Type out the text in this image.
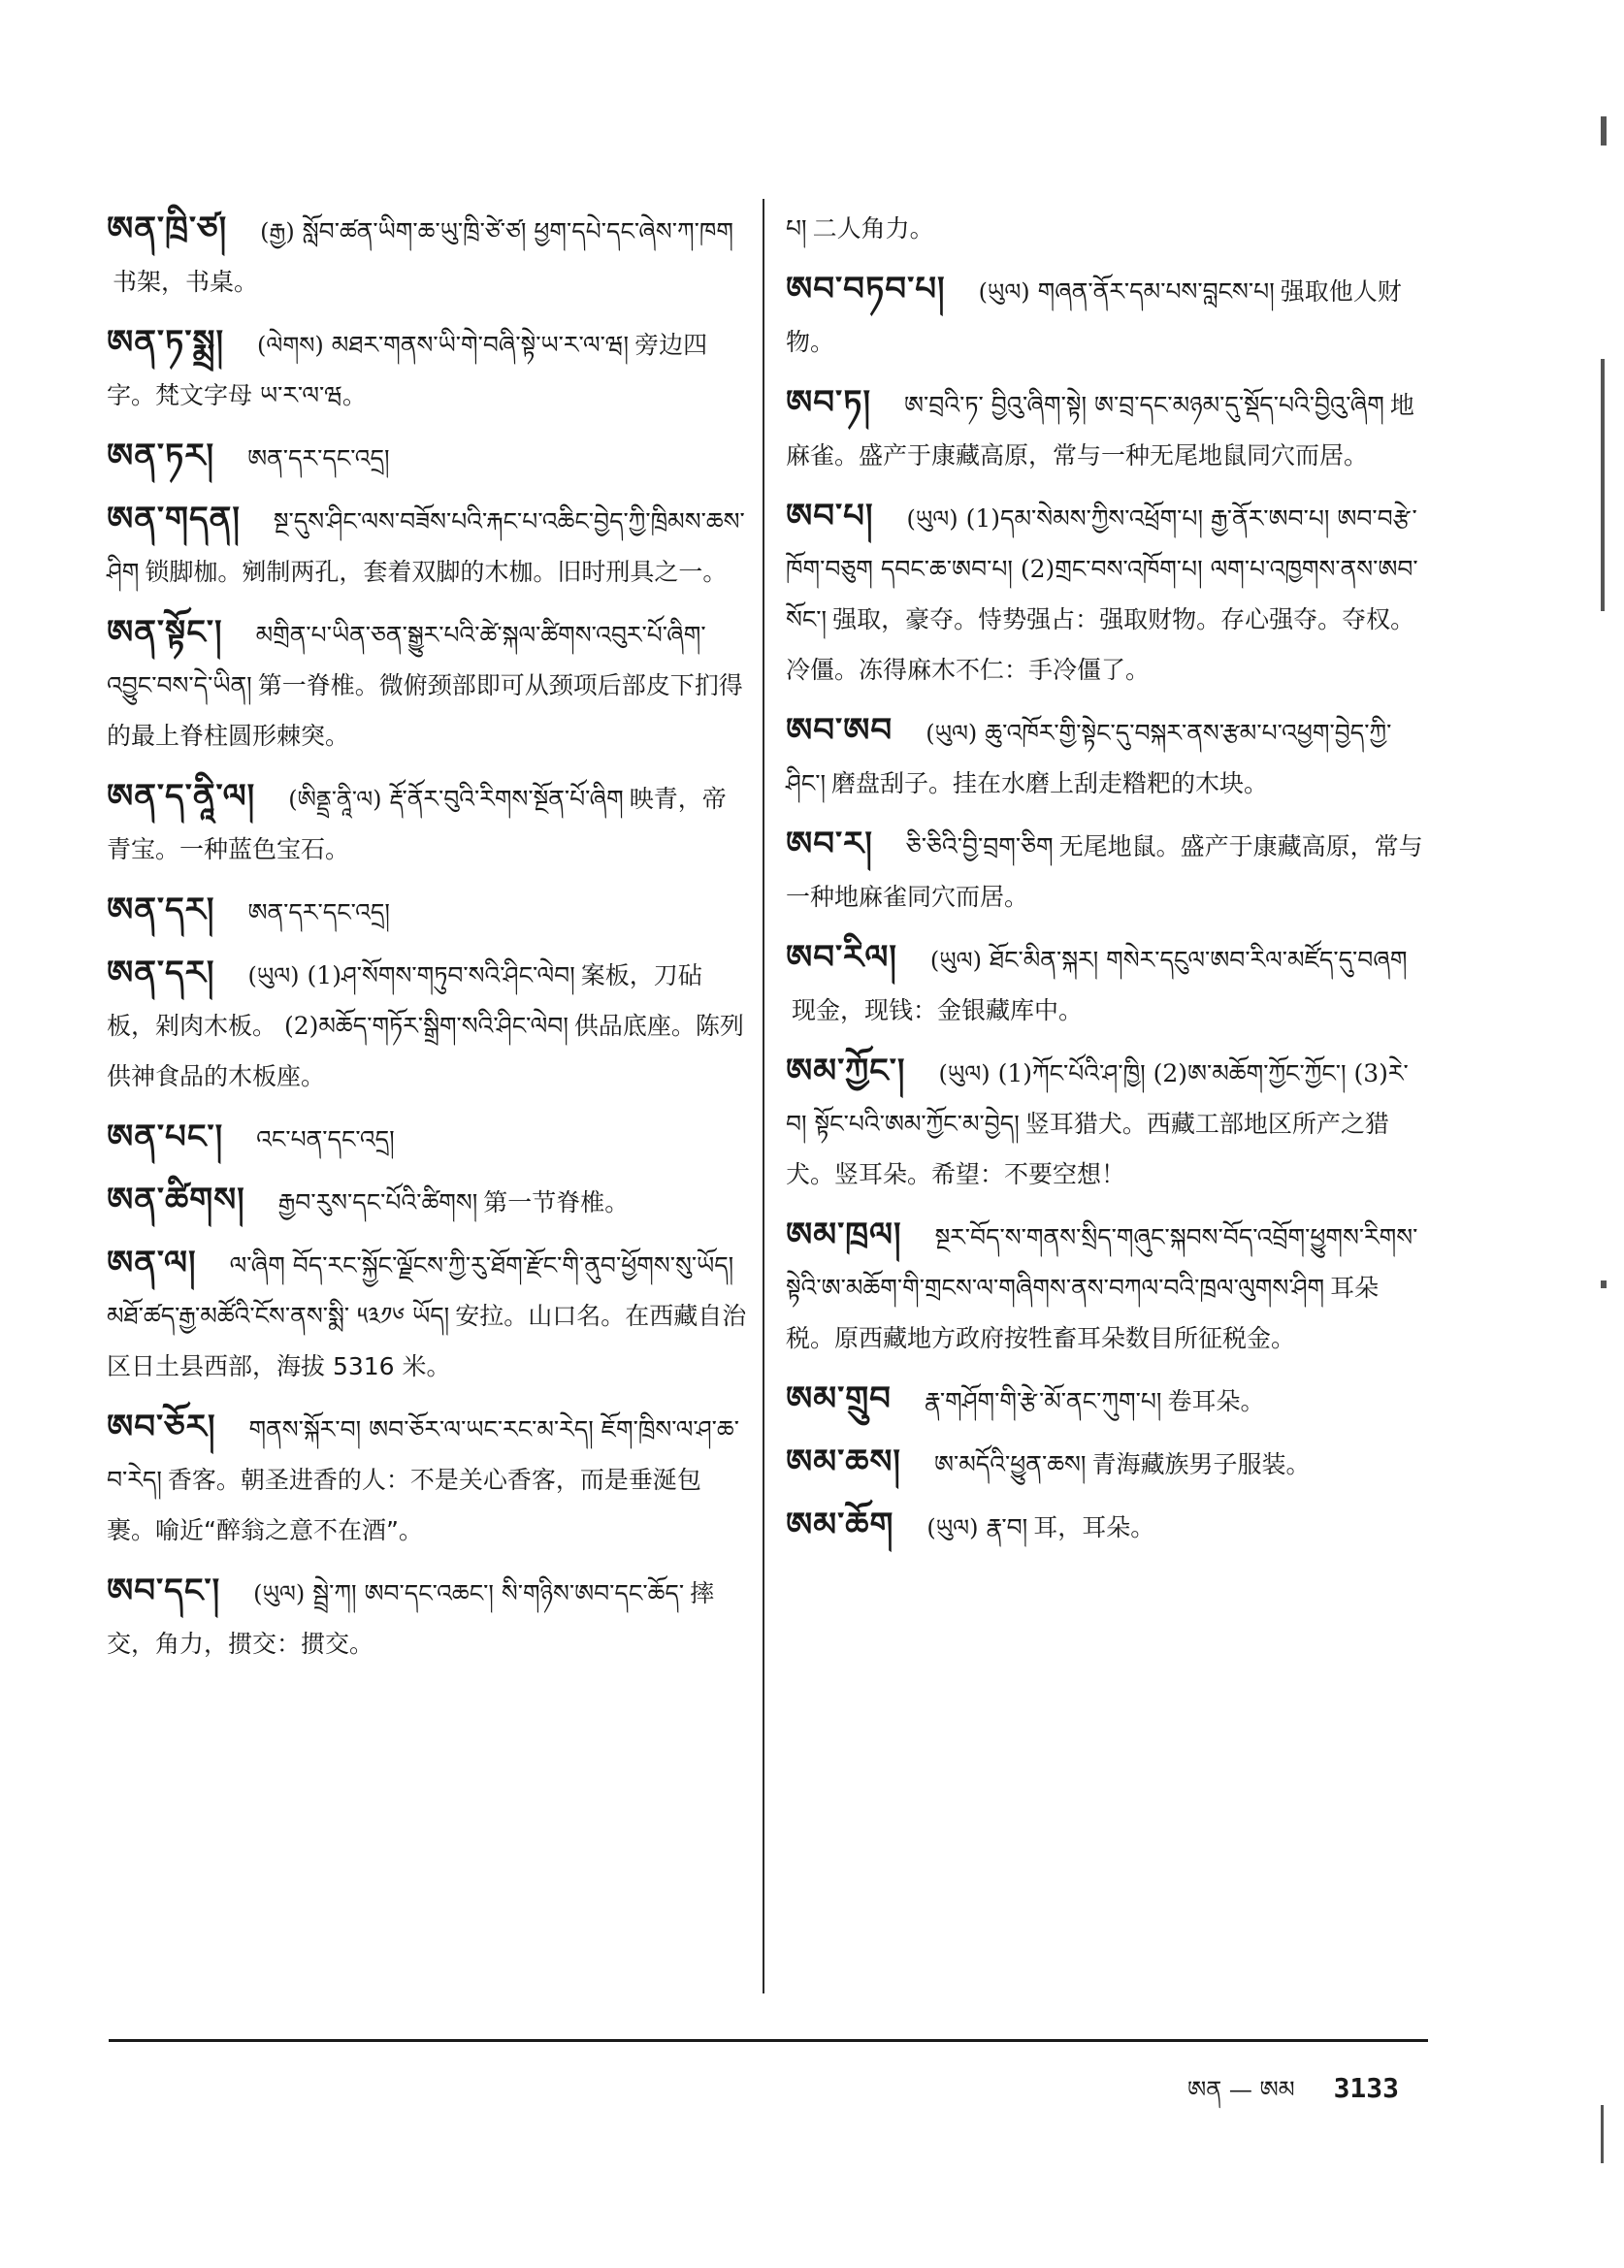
ཨན་ཁྲི་ཙ། (རྒྱ) སློབ་ཚན་ཡིག་ཆ་ཡུ་ཁྲི་ཙེ་ཙ། ཕྱག་དཔེ་དང་ཞེས་ཀ་ཁག书架，书桌。
ཨན་ཏ་སྨྲ། (ལེགས) མཐར་གནས་ཡི་གེ་བཞི་སྟེ་ཡ་ར་ལ་ཝ། 旁边四字。梵文字母 ཡ་ར་ལ་ཝ。
ཨན་ཏར། ཨན་དར་དང་འདྲ།
ཨན་གདན། སྔ་དུས་ཤིང་ལས་བཟོས་པའི་རྐང་པ་འཆིང་བྱེད་ཀྱི་ཁྲིམས་ཆས་ཤིག 锁脚枷。剜制两孔，套着双脚的木枷。旧时刑具之一。
ཨན་སྟོང་། མགྲིན་པ་ཡིན་ཅན་སྒྱུར་པའི་ཚེ་སྐལ་ཚིགས་འབུར་པོ་ཞིག་འབྱུང་བས་དེ་ཡིན། 第一脊椎。微俯颈部即可从颈项后部皮下扪得的最上脊柱圆形棘突。
ཨན་ད་ནཱི་ལ། (ཨིནྡྲ་ནཱི་ལ) རྡོ་ནོར་བུའི་རིགས་སྔོན་པོ་ཞིག 映青，帝青宝。一种蓝色宝石。
ཨན་དར། ཨན་དར་དང་འདྲ།
ཨན་དར། (ཡུལ) (1)ཤ་སོགས་གཏུབ་སའི་ཤིང་ལེབ། 案板，刀砧板，剁肉木板。 (2)མཆོད་གཏོར་སྒྲིག་སའི་ཤིང་ལེབ། 供品底座。陈列供神食品的木板座。
ཨན་པང་། འང་པན་དང་འདྲ།
ཨན་ཚིགས། རྒྱབ་རུས་དང་པོའི་ཚིགས། 第一节脊椎。
ཨན་ལ། ལ་ཞིག བོད་རང་སྐྱོང་ལྗོངས་ཀྱི་རུ་ཐོག་རྫོང་གི་ནུབ་ཕྱོགས་སུ་ཡོད། མཐོ་ཚད་རྒྱ་མཚོའི་ངོས་ནས་སྨི་ ༥༣༡༦ ཡོད། 安拉。山口名。在西藏自治区日土县西部，海拔 5316 米。
ཨབ་ཅོར། གནས་སྐོར་བ། ཨབ་ཅོར་ལ་ཡང་རང་མ་རེད། ཇོག་ཁྲིས་ལ་ཤ་ཆ་བ་རེད། 香客。朝圣进香的人：不是关心香客，而是垂涎包裹。喻近“醉翁之意不在酒”。
ཨབ་དང་། (ཡུལ) སྦྲེ་ཀ། ཨབ་དང་འཆང་། སི་གཉིས་ཨབ་དང་ཆོད་ 摔交，角力，掼交：掼交。
པ། 二人角力。
ཨབ་བཏབ་པ། (ཡུལ) གཞན་ནོར་དམ་པས་བླངས་པ། 强取他人财物。
ཨབ་ཏ། ཨ་བྲའི་ཏ་ བྱིའུ་ཞིག་སྟེ། ཨ་བྲ་དང་མཉམ་དུ་སྡོད་པའི་བྱིའུ་ཞིག 地麻雀。盛产于康藏高原，常与一种无尾地鼠同穴而居。
ཨབ་པ། (ཡུལ) (1)དམ་སེམས་ཀྱིས་འཕྲོག་པ། རྒྱ་ནོར་ཨབ་པ། ཨབ་བརྩེ་ཁོག་བཅུག དབང་ཆ་ཨབ་པ། (2)གྲང་བས་འཁོག་པ། ལག་པ་འཁྱགས་ནས་ཨབ་སོང་། 强取，豪夺。恃势强占：强取财物。存心强夺。夺权。冷僵。冻得麻木不仁：手冷僵了。
ཨབ་ཨབ (ཡུལ) ཆུ་འཁོར་གྱི་སྟེང་དུ་བསྐར་ནས་རྩམ་པ་འཕྱག་བྱེད་ཀྱི་ཤིང་། 磨盘刮子。挂在水磨上刮走糌粑的木块。
ཨབ་ར། ཅི་ཅིའི་བྱི་བྲག་ཅིག 无尾地鼠。盛产于康藏高原，常与一种地麻雀同穴而居。
ཨབ་རིལ། (ཡུལ) ཐོང་མིན་སྐར། གསེར་དངུལ་ཨབ་རིལ་མཛོད་དུ་བཞག现金，现钱：金银藏库中。
ཨམ་ཀྱོང་། (ཡུལ) (1)ཀོང་པོའི་ཤ་ཁྱི། (2)ཨ་མཆོག་ཀྱོང་ཀྱོང་། (3)རེ་བ། སྟོང་པའི་ཨམ་ཀྱོང་མ་བྱེད། 竖耳猎犬。西藏工部地区所产之猎犬。竖耳朵。希望：不要空想！
ཨམ་ཁྲལ། སྔར་བོད་ས་གནས་སྲིད་གཞུང་སྐབས་བོད་འབྲོག་ཕྱུགས་རིགས་སྟེའི་ཨ་མཆོག་གི་གྲངས་ལ་གཞིགས་ནས་བཀལ་བའི་ཁྲལ་ལུགས་ཤིག 耳朵税。原西藏地方政府按牲畜耳朵数目所征税金。
ཨམ་གྲུབ རྣ་གཤོག་གི་རྩེ་མོ་ནང་ཀུག་པ། 卷耳朵。
ཨམ་ཆས། ཨ་མདོའི་ཕྱུན་ཆས། 青海藏族男子服装。
ཨམ་ཆོག (ཡུལ) རྣ་བ། 耳，耳朵。
ཨན — ཨམ 3133
